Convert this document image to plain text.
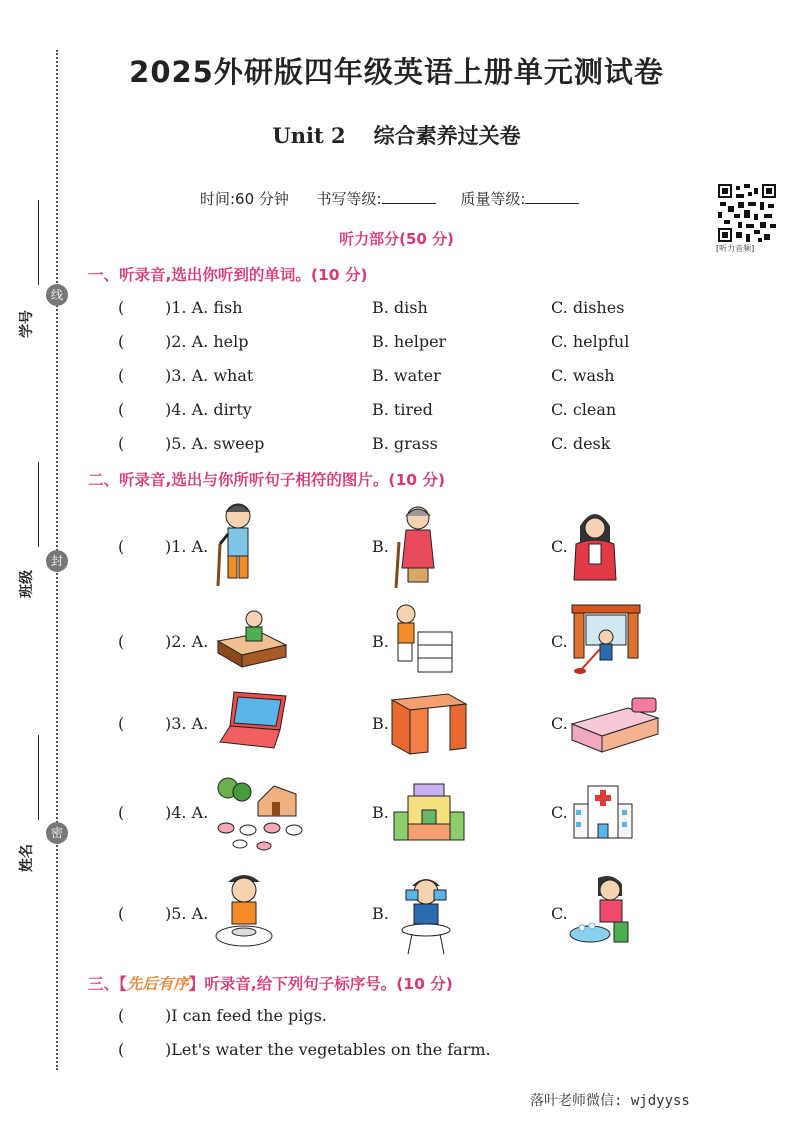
学号
线
班级
封
姓名
密
2025外研版四年级英语上册单元测试卷
Unit 2 综合素养过关卷
时间:60 分钟 书写等级:	质量等级:
[听力音频]
听力部分(50 分)
一、听录音,选出你听到的单词。(10 分)
(	)1. A. fish	B. dish	C. dishes
(	)2. A. help	B. helper	C. helpful
(	)3. A. what	B. water	C. wash
(	)4. A. dirty	B. tired	C. clean
(	)5. A. sweep	B. grass	C. desk
二、听录音,选出与你所听句子相符的图片。(10 分)
(	)1. A.	B.	C.
(	)2. A.	B.	C.
(	)3. A.	B.	C.
(	)4. A.	B.	C.
(	)5. A.	B.	C.
三、【先后有序】听录音,给下列句子标序号。(10 分)
(	)I can feed the pigs.
(	)Let's water the vegetables on the farm.
落叶老师微信: wjdyyss
